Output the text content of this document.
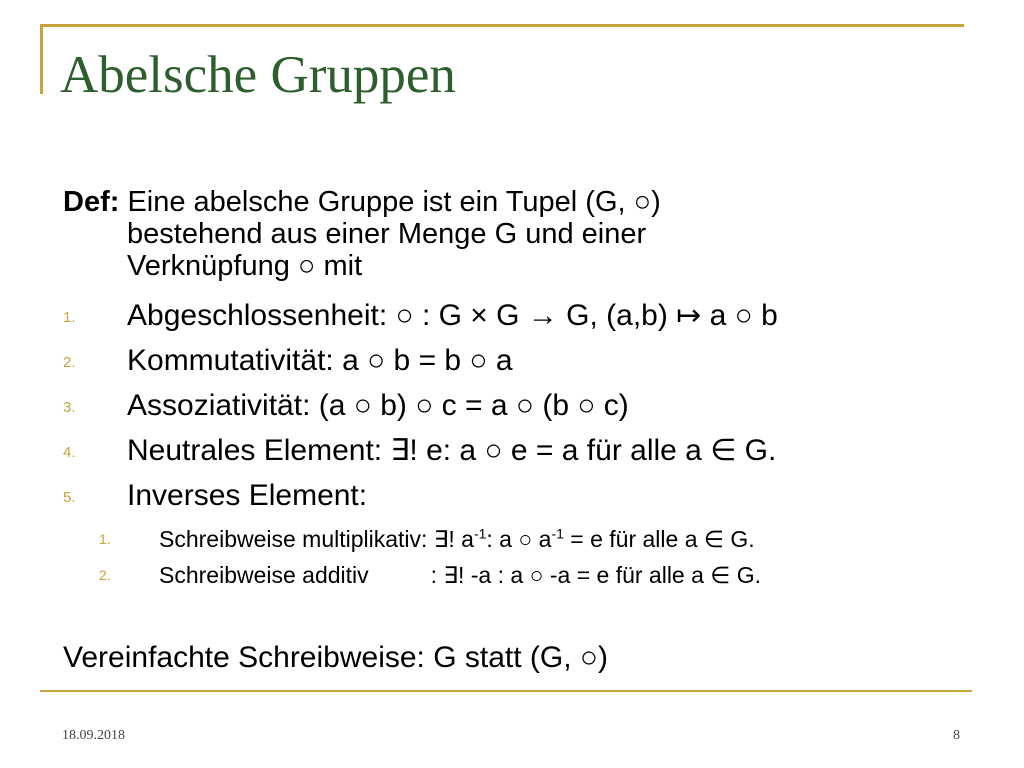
Abelsche Gruppen
Def: Eine abelsche Gruppe ist ein Tupel (G, ○)
bestehend aus einer Menge G und einer
Verknüpfung ○ mit
1. Abgeschlossenheit: ○ : G × G → G, (a,b) ↦ a ○ b
2. Kommutativität: a ○ b = b ○ a
3. Assoziativität: (a ○ b) ○ c = a ○ (b ○ c)
4. Neutrales Element: ∃! e: a ○ e = a für alle a ∈ G.
5. Inverses Element:
1. Schreibweise multiplikativ: ∃! $a^{-1}$: a ○ $a^{-1} = e$ für alle a ∈ G.
2. Schreibweise additiv	: ∃! -a : a ○ -a = e für alle a ∈ G.
Vereinfachte Schreibweise: G statt (G, ○)
18.09.2018	8
